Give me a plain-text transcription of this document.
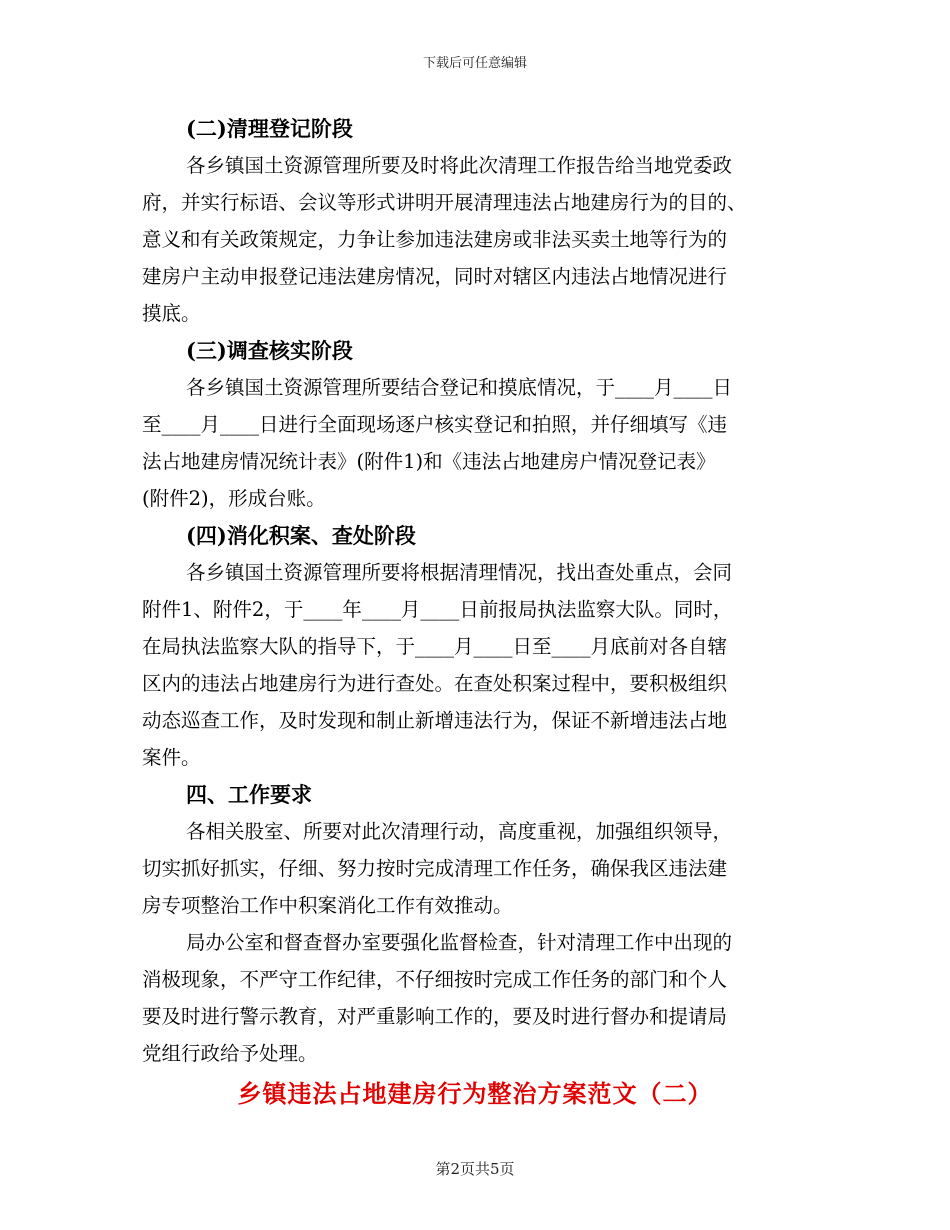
下载后可任意编辑
(二)清理登记阶段

各乡镇国土资源管理所要及时将此次清理工作报告给当地党委政
府，并实行标语、会议等形式讲明开展清理违法占地建房行为的目的、
意义和有关政策规定，力争让参加违法建房或非法买卖土地等行为的
建房户主动申报登记违法建房情况，同时对辖区内违法占地情况进行
摸底。

(三)调查核实阶段

各乡镇国土资源管理所要结合登记和摸底情况，于____月____日
至____月____日进行全面现场逐户核实登记和拍照，并仔细填写《违
法占地建房情况统计表》(附件1)和《违法占地建房户情况登记表》
(附件2)，形成台账。

(四)消化积案、查处阶段

各乡镇国土资源管理所要将根据清理情况，找出查处重点，会同
附件1、附件2，于____年____月____日前报局执法监察大队。同时，
在局执法监察大队的指导下，于____月____日至____月底前对各自辖
区内的违法占地建房行为进行查处。在查处积案过程中，要积极组织
动态巡查工作，及时发现和制止新增违法行为，保证不新增违法占地
案件。

四、工作要求

各相关股室、所要对此次清理行动，高度重视，加强组织领导，
切实抓好抓实，仔细、努力按时完成清理工作任务，确保我区违法建
房专项整治工作中积案消化工作有效推动。

局办公室和督查督办室要强化监督检查，针对清理工作中出现的
消极现象，不严守工作纪律，不仔细按时完成工作任务的部门和个人
要及时进行警示教育，对严重影响工作的，要及时进行督办和提请局
党组行政给予处理。

乡镇违法占地建房行为整治方案范文（二）
第2页共5页
